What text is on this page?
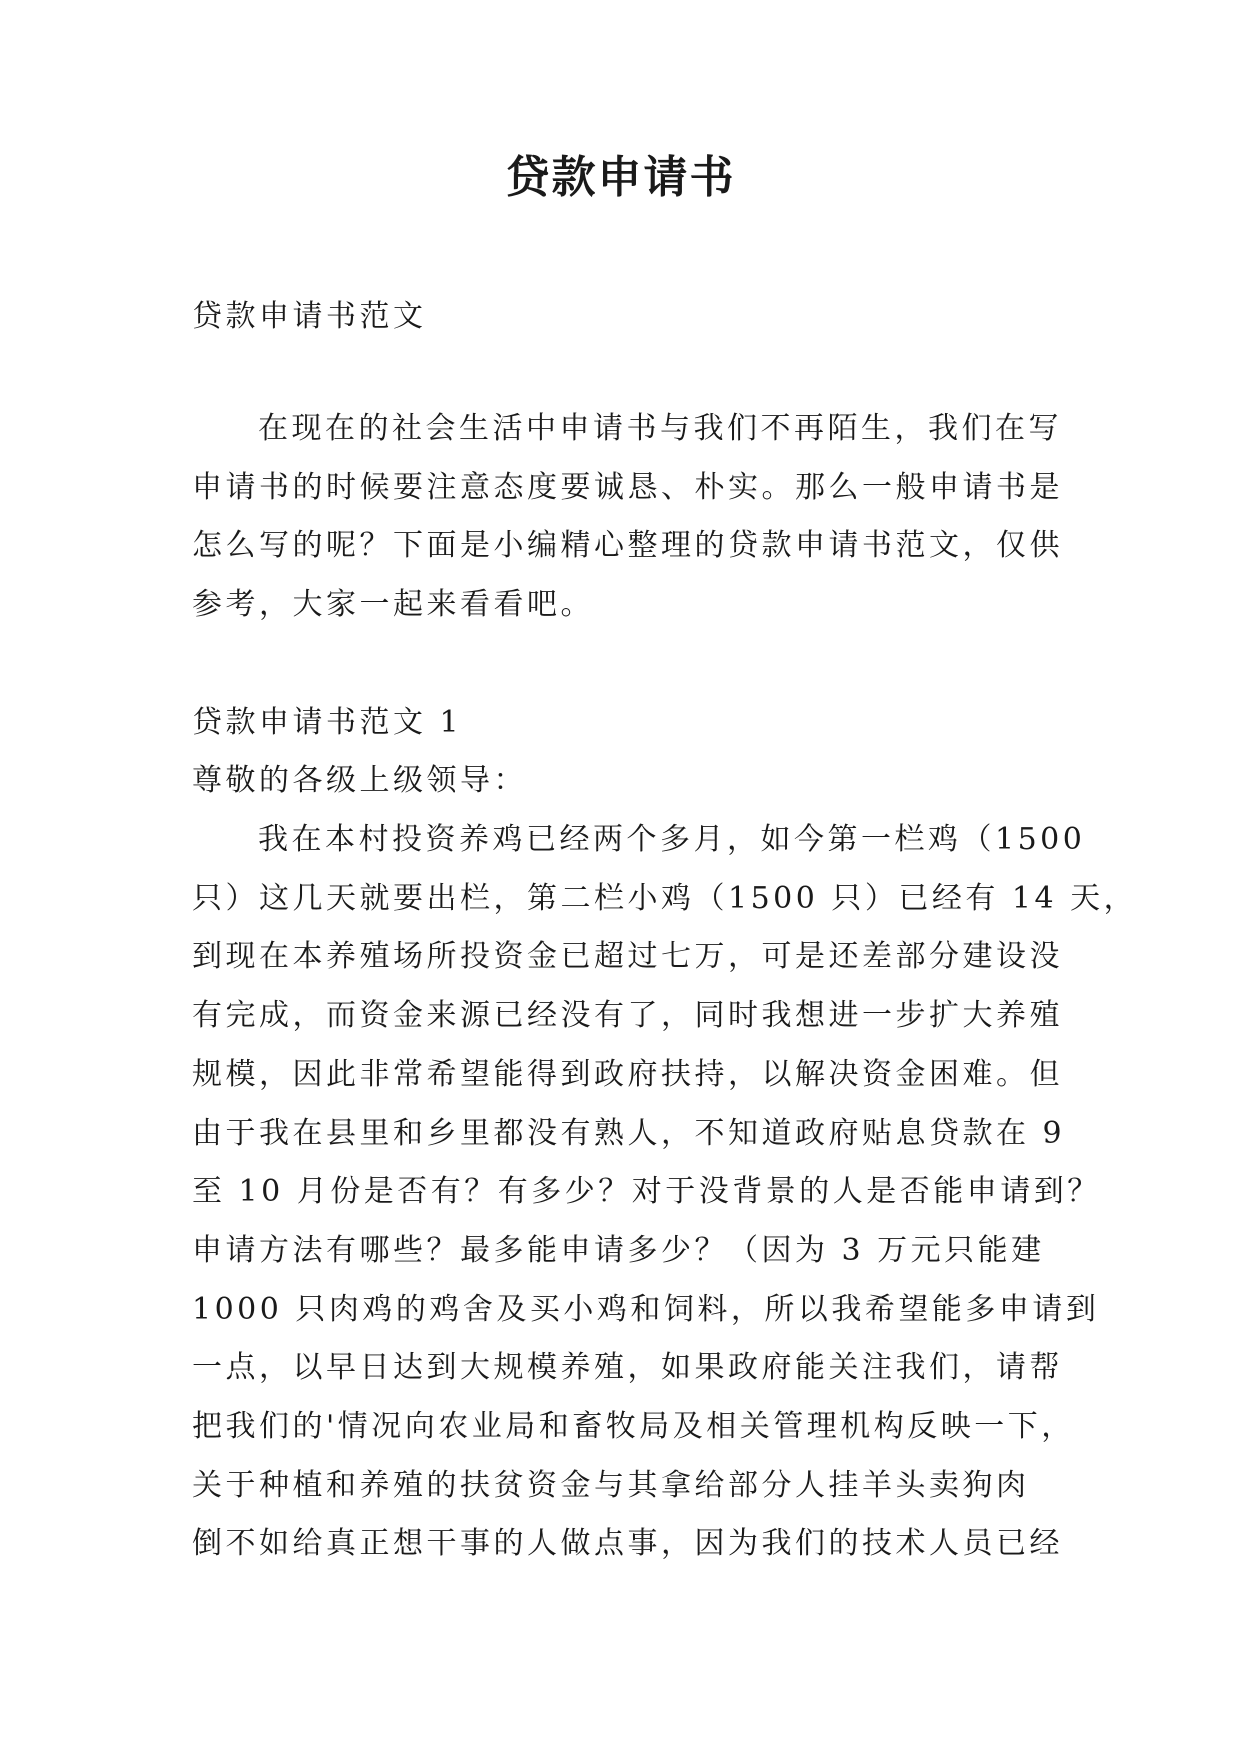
贷款申请书

贷款申请书范文

在现在的社会生活中申请书与我们不再陌生，我们在写
申请书的时候要注意态度要诚恳、朴实。那么一般申请书是
怎么写的呢？下面是小编精心整理的贷款申请书范文，仅供
参考，大家一起来看看吧。

贷款申请书范文 1

尊敬的各级上级领导：

我在本村投资养鸡已经两个多月，如今第一栏鸡（1500
只）这几天就要出栏，第二栏小鸡（1500 只）已经有 14 天，
到现在本养殖场所投资金已超过七万，可是还差部分建设没
有完成，而资金来源已经没有了，同时我想进一步扩大养殖
规模，因此非常希望能得到政府扶持，以解决资金困难。但
由于我在县里和乡里都没有熟人，不知道政府贴息贷款在 9
至 10 月份是否有？有多少？对于没背景的人是否能申请到？
申请方法有哪些？最多能申请多少？（因为 3 万元只能建
1000 只肉鸡的鸡舍及买小鸡和饲料，所以我希望能多申请到
一点，以早日达到大规模养殖，如果政府能关注我们，请帮
把我们的'情况向农业局和畜牧局及相关管理机构反映一下，
关于种植和养殖的扶贫资金与其拿给部分人挂羊头卖狗肉
倒不如给真正想干事的人做点事，因为我们的技术人员已经
